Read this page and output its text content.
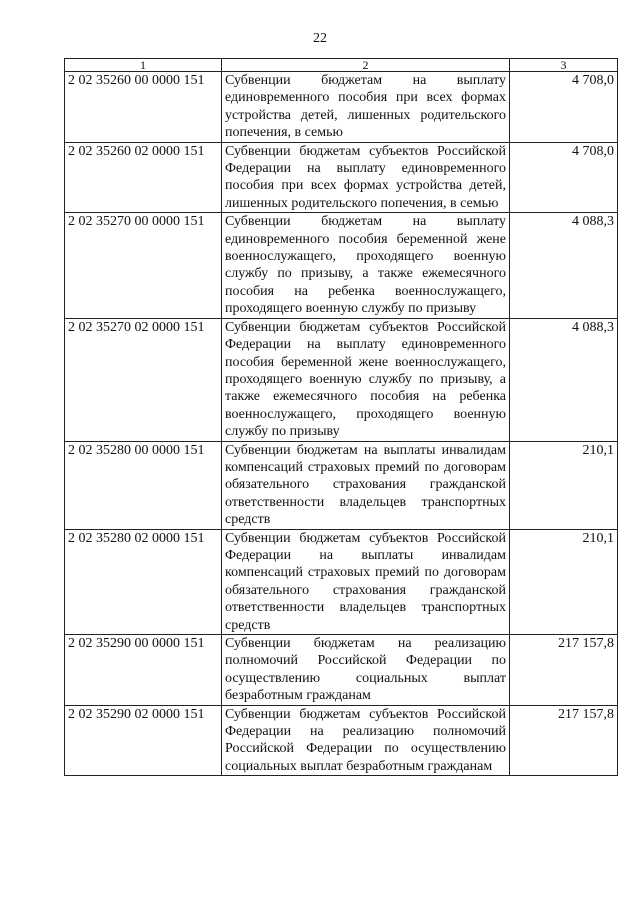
22
1	2	3
2 02 35260 00 0000 151	Субвенции бюджетам на выплату единовременного пособия при всех формах устройства детей, лишенных родительского попечения, в семью	4 708,0
2 02 35260 02 0000 151	Субвенции бюджетам субъектов Российской Федерации на выплату единовременного пособия при всех формах устройства детей, лишенных родительского попечения, в семью	4 708,0
2 02 35270 00 0000 151	Субвенции бюджетам на выплату единовременного пособия беременной жене военнослужащего, проходящего военную службу по призыву, а также ежемесячного пособия на ребенка военнослужащего, проходящего военную службу по призыву	4 088,3
2 02 35270 02 0000 151	Субвенции бюджетам субъектов Российской Федерации на выплату единовременного пособия беременной жене военнослужащего, проходящего военную службу по призыву, а также ежемесячного пособия на ребенка военнослужащего, проходящего военную службу по призыву	4 088,3
2 02 35280 00 0000 151	Субвенции бюджетам на выплаты инвалидам компенсаций страховых премий по договорам обязательного страхования гражданской ответственности владельцев транспортных средств	210,1
2 02 35280 02 0000 151	Субвенции бюджетам субъектов Российской Федерации на выплаты инвалидам компенсаций страховых премий по договорам обязательного страхования гражданской ответственности владельцев транспортных средств	210,1
2 02 35290 00 0000 151	Субвенции бюджетам на реализацию полномочий Российской Федерации по осуществлению социальных выплат безработным гражданам	217 157,8
2 02 35290 02 0000 151	Субвенции бюджетам субъектов Российской Федерации на реализацию полномочий Российской Федерации по осуществлению социальных выплат безработным гражданам	217 157,8
